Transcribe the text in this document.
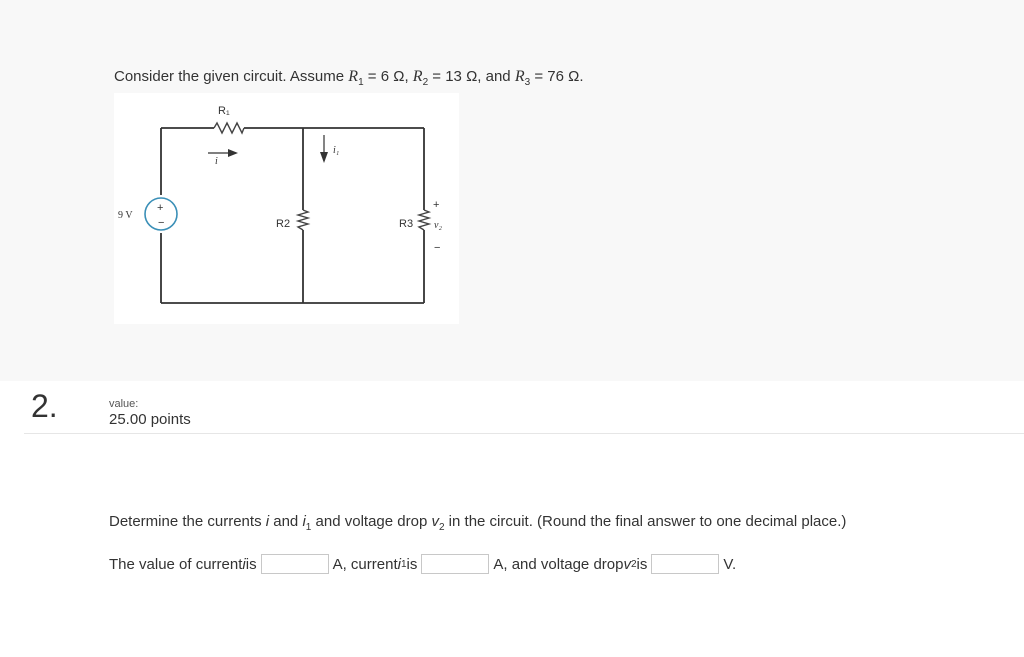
Consider the given circuit. Assume $R_1 = 6$ Ω, $R_2 = 13$ Ω, and $R_3 = 76$ Ω.
+
−
9 V
R₁
R2	R3
i
i₁
+
v₂
−
2.	value:
25.00 points
Determine the currents i and $i_1$ and voltage drop $v_2$ in the circuit. (Round the final answer to one decimal place.)
The value of current i is	A, current i 1 is	A, and voltage drop v 2 is	V.
